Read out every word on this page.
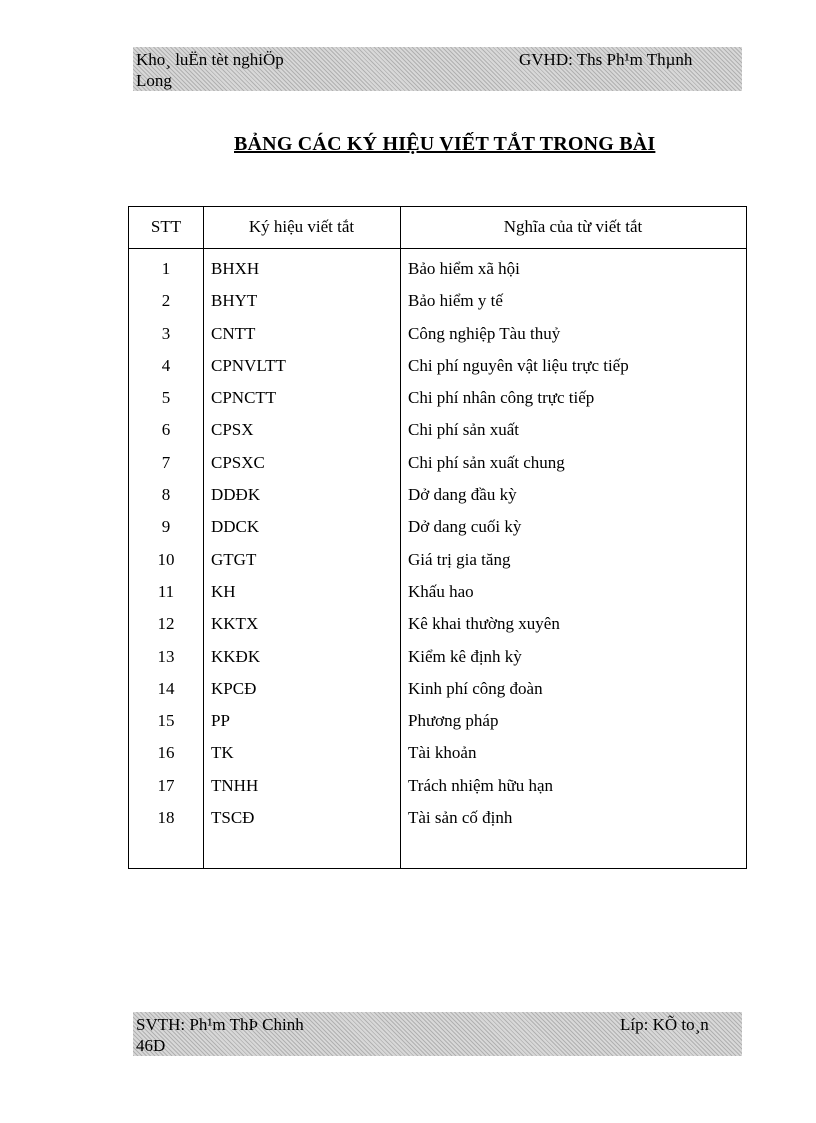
Kho¸ luËn tèt nghiÖp
Long
GVHD: Ths Ph¹m Thµnh
BẢNG CÁC KÝ HIỆU VIẾT TẮT TRONG BÀI
STT	Ký hiệu viết tắt	Nghĩa của từ viết tắt
1	BHXH	Bảo hiểm xã hội
2	BHYT	Bảo hiểm y tế
3	CNTT	Công nghiệp Tàu thuỷ
4	CPNVLTT	Chi phí nguyên vật liệu trực tiếp
5	CPNCTT	Chi phí nhân công trực tiếp
6	CPSX	Chi phí sản xuất
7	CPSXC	Chi phí sản xuất chung
8	DDĐK	Dở dang đầu kỳ
9	DDCK	Dở dang cuối kỳ
10	GTGT	Giá trị gia tăng
11	KH	Khấu hao
12	KKTX	Kê khai thường xuyên
13	KKĐK	Kiểm kê định kỳ
14	KPCĐ	Kinh phí công đoàn
15	PP	Phương pháp
16	TK	Tài khoản
17	TNHH	Trách nhiệm hữu hạn
18	TSCĐ	Tài sản cố định
SVTH: Ph¹m ThÞ Chinh
46D
Líp: KÕ to¸n
